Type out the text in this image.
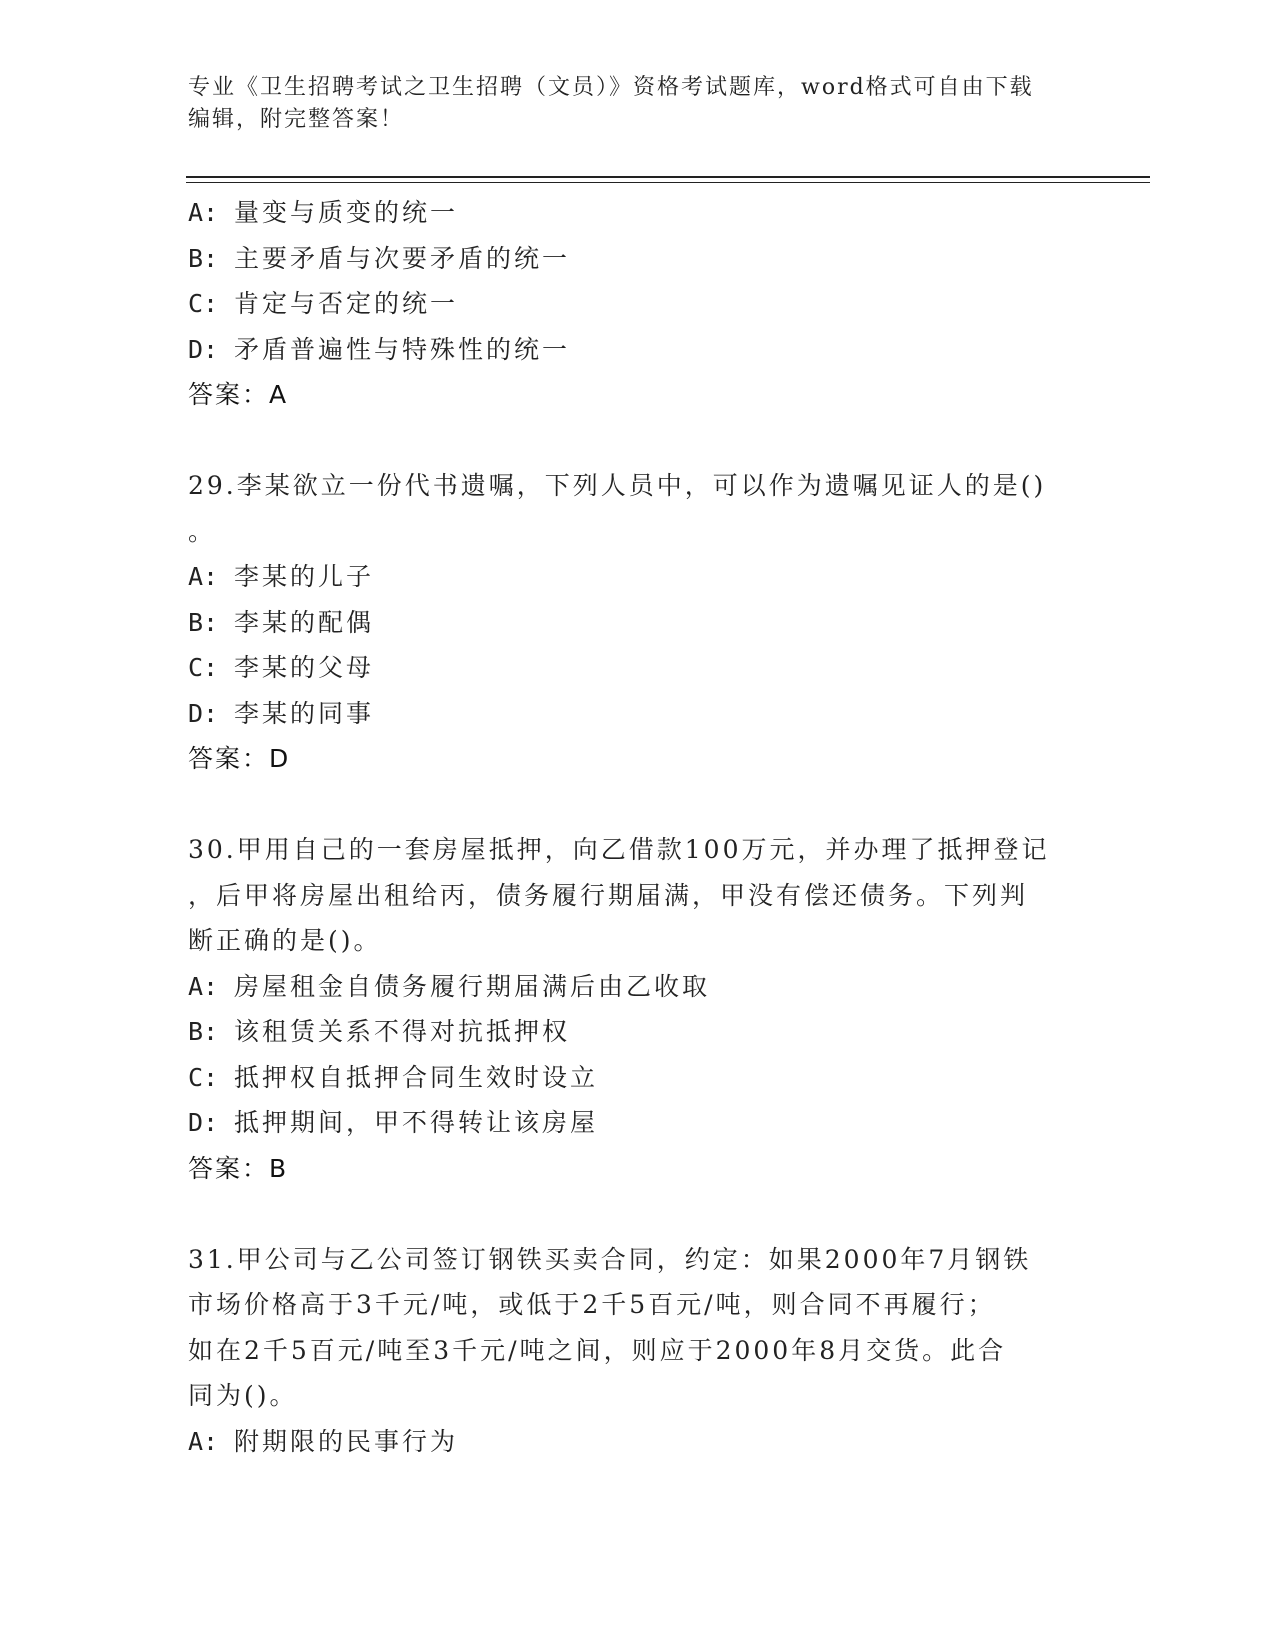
专业《卫生招聘考试之卫生招聘（文员）》资格考试题库，word格式可自由下载
编辑，附完整答案！
A: 量变与质变的统一
B: 主要矛盾与次要矛盾的统一
C: 肯定与否定的统一
D: 矛盾普遍性与特殊性的统一
答案：A
29.李某欲立一份代书遗嘱，下列人员中，可以作为遗嘱见证人的是()
。
A: 李某的儿子
B: 李某的配偶
C: 李某的父母
D: 李某的同事
答案：D
30.甲用自己的一套房屋抵押，向乙借款100万元，并办理了抵押登记
，后甲将房屋出租给丙，债务履行期届满，甲没有偿还债务。下列判
断正确的是()。
A: 房屋租金自债务履行期届满后由乙收取
B: 该租赁关系不得对抗抵押权
C: 抵押权自抵押合同生效时设立
D: 抵押期间，甲不得转让该房屋
答案：B
31.甲公司与乙公司签订钢铁买卖合同，约定：如果2000年7月钢铁
市场价格高于3千元/吨，或低于2千5百元/吨，则合同不再履行；
如在2千5百元/吨至3千元/吨之间，则应于2000年8月交货。此合
同为()。
A: 附期限的民事行为
